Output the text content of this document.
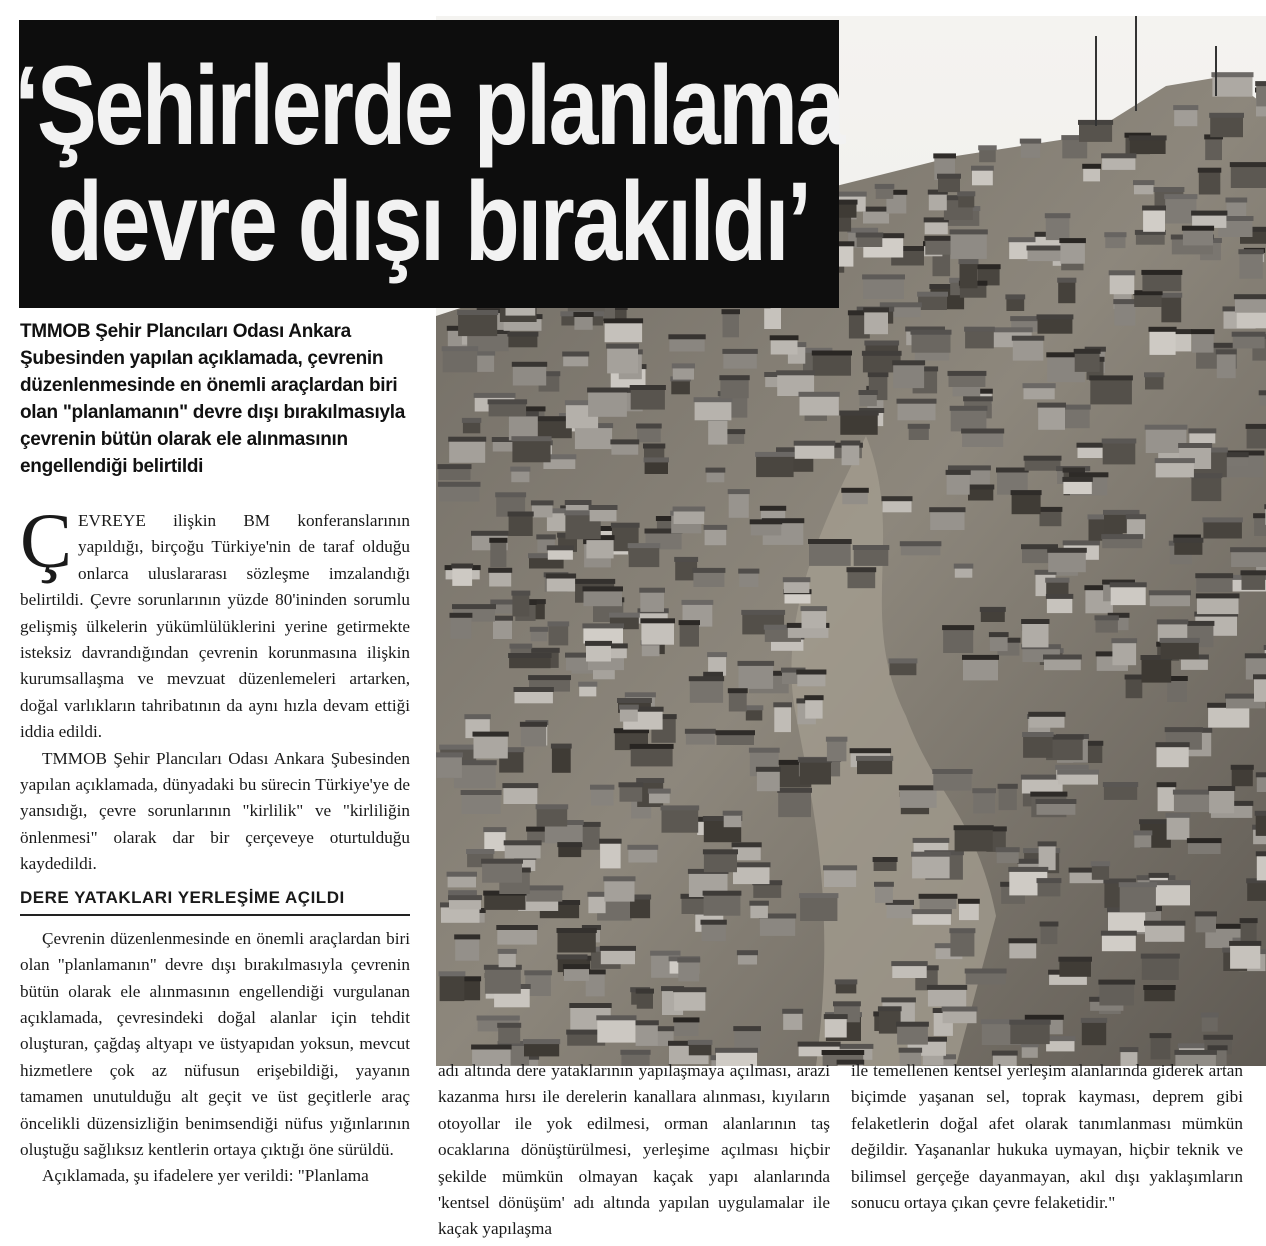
‘Şehirlerde planlama
devre dışı bırakıldı’
TMMOB Şehir Plancıları Odası Ankara Şubesinden yapılan açıklamada, çevrenin düzenlenmesinde en önemli araçlardan biri olan "planlamanın" devre dışı bırakılmasıyla çevrenin bütün olarak ele alınmasının engellendiği belirtildi

ÇEVREYE ilişkin BM konferanslarının yapıldığı, birçoğu Türkiye'nin de taraf olduğu onlarca uluslararası sözleşme imzalandığı belirtildi. Çevre sorunlarının yüzde 80'ininden sorumlu gelişmiş ülkelerin yükümlülüklerini yerine getirmekte isteksiz davrandığından çevrenin korunmasına ilişkin kurumsallaşma ve mevzuat düzenlemeleri artarken, doğal varlıkların tahribatının da aynı hızla devam ettiği iddia edildi.

TMMOB Şehir Plancıları Odası Ankara Şubesinden yapılan açıklamada, dünyadaki bu sürecin Türkiye'ye de yansıdığı, çevre sorunlarının "kirlilik" ve "kirliliğin önlenmesi" olarak dar bir çerçeveye oturtulduğu kaydedildi.

DERE YATAKLARI YERLEŞİME AÇILDI

Çevrenin düzenlenmesinde en önemli araçlardan biri olan "planlamanın" devre dışı bırakılmasıyla çevrenin bütün olarak ele alınmasının engellendiği vurgulanan açıklamada, çevresindeki doğal alanlar için tehdit oluşturan, çağdaş altyapı ve üstyapıdan yoksun, mevcut hizmetlere çok az nüfusun erişebildiği, yayanın tamamen unutulduğu alt geçit ve üst geçitlerle araç öncelikli düzensizliğin benimsendiği nüfus yığınlarının oluştuğu sağlıksız kentlerin ortaya çıktığı öne sürüldü.

Açıklamada, şu ifadelere yer verildi: "Planlama

adı altında dere yataklarının yapılaşmaya açılması, arazi kazanma hırsı ile derelerin kanallara alınması, kıyıların otoyollar ile yok edilmesi, orman alanlarının taş ocaklarına dönüştürülmesi, yerleşime açılması hiçbir şekilde mümkün olmayan kaçak yapı alanlarında 'kentsel dönüşüm' adı altında yapılan uygulamalar ile kaçak yapılaşma

ile temellenen kentsel yerleşim alanlarında giderek artan biçimde yaşanan sel, toprak kayması, deprem gibi felaketlerin doğal afet olarak tanımlanması mümkün değildir. Yaşananlar hukuka uymayan, hiçbir teknik ve bilimsel gerçeğe dayanmayan, akıl dışı yaklaşımların sonucu ortaya çıkan çevre felaketidir."
